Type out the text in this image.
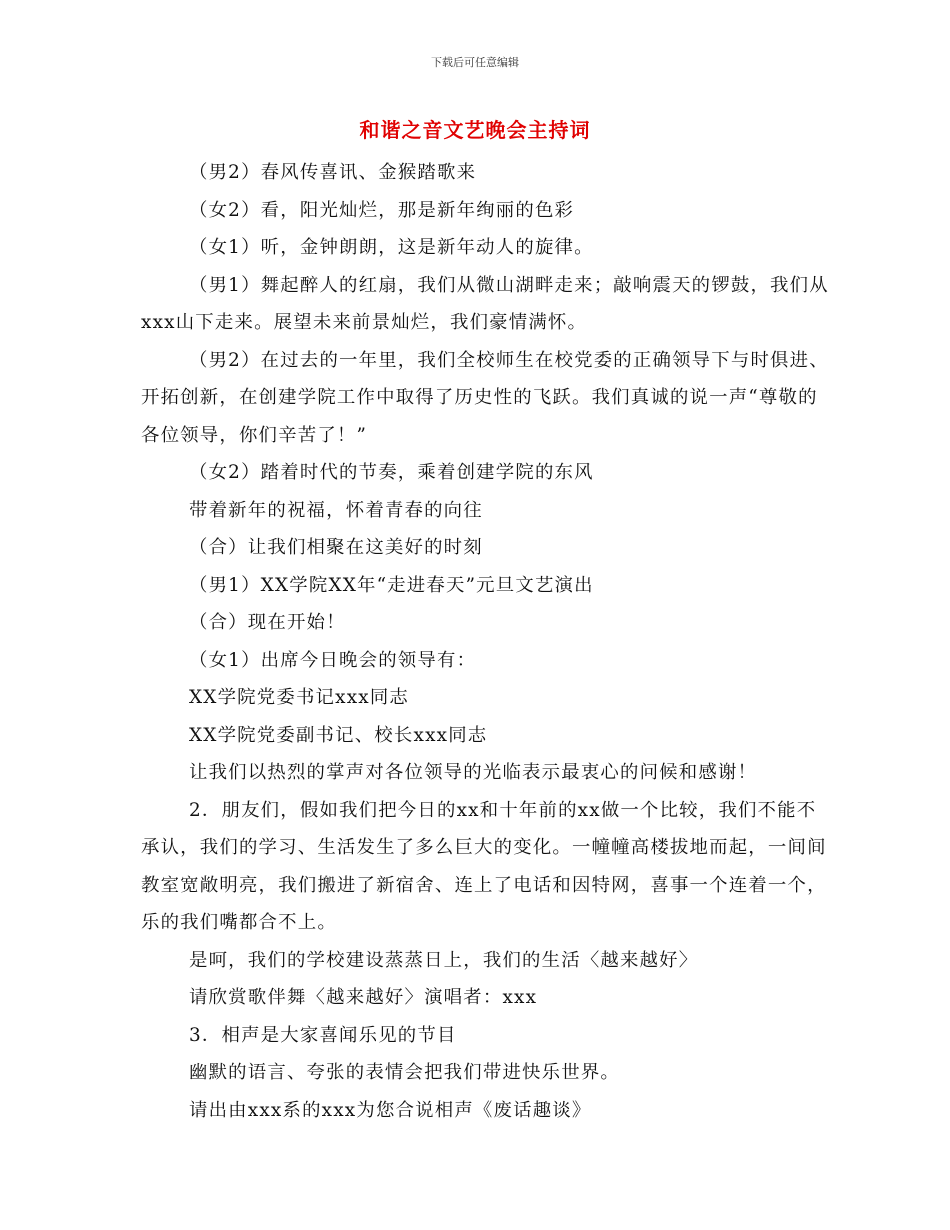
下载后可任意编辑
和谐之音文艺晚会主持词

（男2）春风传喜讯、金猴踏歌来

（女2）看，阳光灿烂，那是新年绚丽的色彩

（女1）听，金钟朗朗，这是新年动人的旋律。

（男1）舞起醉人的红扇，我们从微山湖畔走来；敲响震天的锣鼓，我们从xxx山下走来。展望未来前景灿烂，我们豪情满怀。

（男2）在过去的一年里，我们全校师生在校党委的正确领导下与时俱进、开拓创新，在创建学院工作中取得了历史性的飞跃。我们真诚的说一声“尊敬的各位领导，你们辛苦了！”

（女2）踏着时代的节奏，乘着创建学院的东风

带着新年的祝福，怀着青春的向往

（合）让我们相聚在这美好的时刻

（男1）XX学院XX年“走进春天”元旦文艺演出

（合）现在开始！

（女1）出席今日晚会的领导有：

XX学院党委书记xxx同志

XX学院党委副书记、校长xxx同志

让我们以热烈的掌声对各位领导的光临表示最衷心的问候和感谢！

2．朋友们，假如我们把今日的xx和十年前的xx做一个比较，我们不能不承认，我们的学习、生活发生了多么巨大的变化。一幢幢高楼拔地而起，一间间教室宽敞明亮，我们搬进了新宿舍、连上了电话和因特网，喜事一个连着一个，乐的我们嘴都合不上。

是呵，我们的学校建设蒸蒸日上，我们的生活〈越来越好〉

请欣赏歌伴舞〈越来越好〉演唱者：xxx

3．相声是大家喜闻乐见的节目

幽默的语言、夸张的表情会把我们带进快乐世界。

请出由xxx系的xxx为您合说相声《废话趣谈》
